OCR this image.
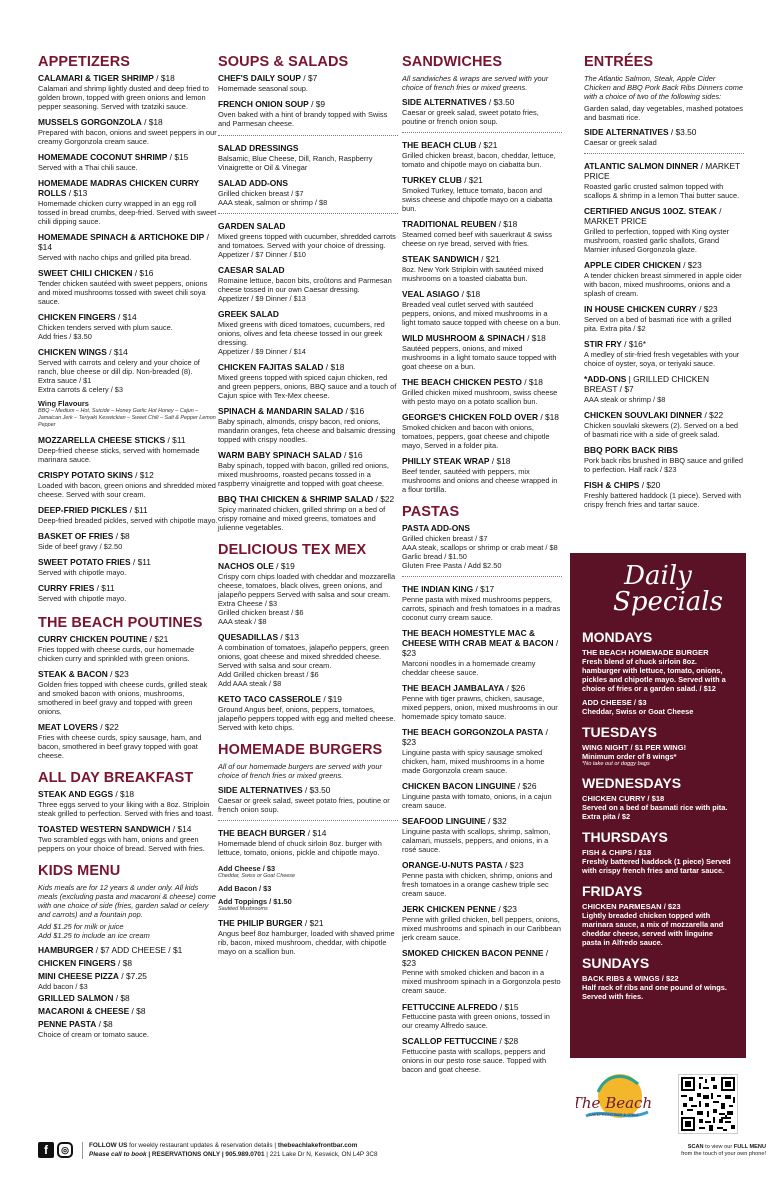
APPETIZERS
CALAMARI & TIGER SHRIMP / $18
Calamari and shrimp lightly dusted and deep fried to golden brown, topped with green onions and lemon pepper seasoning. Served with tzatziki sauce.
MUSSELS GORGONZOLA / $18
Prepared with bacon, onions and sweet peppers in our creamy Gorgonzola cream sauce.
HOMEMADE COCONUT SHRIMP / $15
Served with a Thai chili sauce.
HOMEMADE MADRAS CHICKEN CURRY ROLLS / $13
Homemade chicken curry wrapped in an egg roll tossed in bread crumbs, deep-fried. Served with sweet chili dipping sauce.
HOMEMADE SPINACH & ARTICHOKE DIP / $14
Served with nacho chips and grilled pita bread.
SWEET CHILI CHICKEN / $16
Tender chicken sautéed with sweet peppers, onions and mixed mushrooms tossed with sweet chili soya sauce.
CHICKEN FINGERS / $14
Chicken tenders served with plum sauce.
Add fries / $3.50
CHICKEN WINGS / $14
Served with carrots and celery and your choice of ranch, blue cheese or dill dip. Non-breaded (8).
Extra sauce / $1
Extra carrots & celery / $3
Wing Flavours
BBQ – Medium – Hot, Suicide – Honey Garlic Hot Honey – Cajun – Jamaican Jerk – Teriyaki Keswickian – Sweet Chili – Salt & Pepper Lemon Pepper
MOZZARELLA CHEESE STICKS / $11
Deep-fried cheese sticks, served with homemade marinara sauce.
CRISPY POTATO SKINS / $12
Loaded with bacon, green onions and shredded mixed cheese. Served with sour cream.
DEEP-FRIED PICKLES / $11
Deep-fried breaded pickles, served with chipotle mayo.
BASKET OF FRIES / $8
Side of beef gravy / $2.50
SWEET POTATO FRIES / $11
Served with chipotle mayo.
CURRY FRIES / $11
Served with chipotle mayo.
THE BEACH POUTINES
CURRY CHICKEN POUTINE / $21
Fries topped with cheese curds, our homemade chicken curry and sprinkled with green onions.
STEAK & BACON / $23
Golden fries topped with cheese curds, grilled steak and smoked bacon with onions, mushrooms, smothered in beef gravy and topped with green onions.
MEAT LOVERS / $22
Fries with cheese curds, spicy sausage, ham, and bacon, smothered in beef gravy topped with goat cheese.
ALL DAY BREAKFAST
STEAK AND EGGS / $18
Three eggs served to your liking with a 8oz. Striploin steak grilled to perfection. Served with fries and toast.
TOASTED WESTERN SANDWICH / $14
Two scrambled eggs with ham, onions and green peppers on your choice of bread. Served with fries.
KIDS MENU
Kids meals are for 12 years & under only. All kids meals (excluding pasta and macaroni & cheese) come with one choice of side (fries, garden salad or celery and carrots) and a fountain pop.
Add $1.25 for milk or juice
Add $1.25 to include an ice cream
HAMBURGER / $7 ADD CHEESE / $1
CHICKEN FINGERS / $8
MINI CHEESE PIZZA / $7.25
Add bacon / $3
GRILLED SALMON / $8
MACARONI & CHEESE / $8
PENNE PASTA / $8
Choice of cream or tomato sauce.
SOUPS & SALADS
CHEF'S DAILY SOUP / $7
Homemade seasonal soup.
FRENCH ONION SOUP / $9
Oven baked with a hint of brandy topped with Swiss and Parmesan cheese.
SALAD DRESSINGS
Balsamic, Blue Cheese, Dill, Ranch, Raspberry Vinaigrette or Oil & Vinegar
SALAD ADD-ONS
Grilled chicken breast / $7
AAA steak, salmon or shrimp / $8
GARDEN SALAD
Mixed greens topped with cucumber, shredded carrots and tomatoes. Served with your choice of dressing.
Appetizer / $7 Dinner / $10
CAESAR SALAD
Romaine lettuce, bacon bits, croûtons and Parmesan cheese tossed in our own Caesar dressing.
Appetizer / $9 Dinner / $13
GREEK SALAD
Mixed greens with diced tomatoes, cucumbers, red onions, olives and feta cheese tossed in our greek dressing.
Appetizer / $9 Dinner / $14
CHICKEN FAJITAS SALAD / $18
Mixed greens topped with spiced cajun chicken, red and green peppers, onions, BBQ sauce and a touch of Cajun spice with Tex-Mex cheese.
SPINACH & MANDARIN SALAD / $16
Baby spinach, almonds, crispy bacon, red onions, mandarin oranges, feta cheese and balsamic dressing topped with crispy noodles.
WARM BABY SPINACH SALAD / $16
Baby spinach, topped with bacon, grilled red onions, mixed mushrooms, roasted pecans tossed in a raspberry vinaigrette and topped with goat cheese.
BBQ THAI CHICKEN & SHRIMP SALAD / $22
Spicy marinated chicken, grilled shrimp on a bed of crispy romaine and mixed greens, tomatoes and julienne vegetables.
DELICIOUS TEX MEX
NACHOS OLE / $19
Crispy corn chips loaded with cheddar and mozzarella cheese, tomatoes, black olives, green onions, and jalapeño peppers Served with salsa and sour cream.
Extra Cheese / $3
Grilled chicken breast / $6
AAA steak / $8
QUESADILLAS / $13
A combination of tomatoes, jalapeño peppers, green onions, goat cheese and mixed shredded cheese. Served with salsa and sour cream.
Add Grilled chicken breast / $6
Add AAA steak / $8
KETO TACO CASSEROLE / $19
Ground Angus beef, onions, peppers, tomatoes, jalapeño peppers topped with egg and melted cheese. Served with keto chips.
HOMEMADE BURGERS
All of our homemade burgers are served with your choice of french fries or mixed greens.
SIDE ALTERNATIVES / $3.50
Caesar or greek salad, sweet potato fries, poutine or french onion soup.
THE BEACH BURGER / $14
Homemade blend of chuck sirloin 8oz. burger with lettuce, tomato, onions, pickle and chipotle mayo.
Add Cheese / $3
Cheddar, Swiss or Goat Cheese
Add Bacon / $3
Add Toppings / $1.50
Sautéed Mushrooms
THE PHILIP BURGER / $21
Angus beef 8oz hamburger, loaded with shaved prime rib, bacon, mixed mushroom, cheddar, with chipotle mayo on a scallion bun.
SANDWICHES
All sandwiches & wraps are served with your choice of french fries or mixed greens.
SIDE ALTERNATIVES / $3.50
Caesar or greek salad, sweet potato fries, poutine or french onion soup.
THE BEACH CLUB / $21
Grilled chicken breast, bacon, cheddar, lettuce, tomato and chipotle mayo on ciabatta bun.
TURKEY CLUB / $21
Smoked Turkey, lettuce tomato, bacon and swiss cheese and chipotle mayo on a ciabatta bun.
TRADITIONAL REUBEN / $18
Steamed corned beef with sauerkraut & swiss cheese on rye bread, served with fries.
STEAK SANDWICH / $21
8oz. New York Striploin with sautéed mixed mushrooms on a toasted ciabatta bun.
VEAL ASIAGO / $18
Breaded veal cutlet served with sautéed peppers, onions, and mixed mushrooms in a light tomato sauce topped with cheese on a bun.
WILD MUSHROOM & SPINACH / $18
Sautéed peppers, onions, and mixed mushrooms in a light tomato sauce topped with goat cheese on a bun.
THE BEACH CHICKEN PESTO / $18
Grilled chicken mixed mushroom, swiss cheese with pesto mayo on a potato scallion bun.
GEORGE'S CHICKEN FOLD OVER / $18
Smoked chicken and bacon with onions, tomatoes, peppers, goat cheese and chipotle mayo, Served in a folder pita.
PHILLY STEAK WRAP / $18
Beef tender, sautéed with peppers, mix mushrooms and onions and cheese wrapped in a flour tortilla.
PASTAS
PASTA ADD-ONS
Grilled chicken breast / $7
AAA steak, scallops or shrimp or crab meat / $8
Garlic bread / $1.50
Gluten Free Pasta / Add $2.50
THE INDIAN KING / $17
Penne pasta with mixed mushrooms peppers, carrots, spinach and fresh tomatoes in a madras coconut curry cream sauce.
THE BEACH HOMESTYLE MAC & CHEESE WITH CRAB MEAT & BACON / $23
Marconi noodles in a homemade creamy cheddar cheese sauce.
THE BEACH JAMBALAYA / $26
Penne with tiger prawns, chicken, sausage, mixed peppers, onion, mixed mushrooms in our homemade spicy tomato sauce.
THE BEACH GORGONZOLA PASTA / $23
Linguine pasta with spicy sausage smoked chicken, ham, mixed mushrooms in a home made Gorgonzola cream sauce.
CHICKEN BACON LINGUINE / $26
Linguine pasta with tomato, onions, in a cajun cream sauce.
SEAFOOD LINGUINE / $32
Linguine pasta with scallops, shrimp, salmon, calamari, mussels, peppers, and onions, in a rosé sauce.
ORANGE-U-NUTS PASTA / $23
Penne pasta with chicken, shrimp, onions and fresh tomatoes in a orange cashew triple sec cream sauce.
JERK CHICKEN PENNE / $23
Penne with grilled chicken, bell peppers, onions, mixed mushrooms and spinach in our Caribbean jerk cream sauce.
SMOKED CHICKEN BACON PENNE / $23
Penne with smoked chicken and bacon in a mixed mushroom spinach in a Gorgonzola pesto cream sauce.
FETTUCCINE ALFREDO / $15
Fettuccine pasta with green onions, tossed in our creamy Alfredo sauce.
SCALLOP FETTUCCINE / $28
Fettuccine pasta with scallops, peppers and onions in our pesto rose sauce. Topped with bacon and goat cheese.
ENTRÉES
The Atlantic Salmon, Steak, Apple Cider Chicken and BBQ Pork Back Ribs Dinners come with a choice of two of the following sides:
Garden salad, day vegetables, mashed potatoes and basmati rice.
SIDE ALTERNATIVES / $3.50
Caesar or greek salad
ATLANTIC SALMON DINNER / MARKET PRICE
Roasted garlic crusted salmon topped with scallops & shrimp in a lemon Thai butter sauce.
CERTIFIED ANGUS 10OZ. STEAK / MARKET PRICE
Grilled to perfection, topped with King oyster mushroom, roasted garlic shallots, Grand Marnier infused Gorgonzola glaze.
APPLE CIDER CHICKEN / $23
A tender chicken breast simmered in apple cider with bacon, mixed mushrooms, onions and a splash of cream.
IN HOUSE CHICKEN CURRY / $23
Served on a bed of basmati rice with a grilled pita. Extra pita / $2
STIR FRY / $16*
A medley of stir-fried fresh vegetables with your choice of oyster, soya, or teriyaki sauce.
*ADD-ONS | GRILLED CHICKEN BREAST / $7
AAA steak or shrimp / $8
CHICKEN SOUVLAKI DINNER / $22
Chicken souvlaki skewers (2). Served on a bed of basmati rice with a side of greek salad.
BBQ PORK BACK RIBS
Pork back ribs brushed in BBQ sauce and grilled to perfection. Half rack / $23
FISH & CHIPS / $20
Freshly battered haddock (1 piece). Served with crispy french fries and tartar sauce.
Daily
Specials
MONDAYS
THE BEACH HOMEMADE BURGER
Fresh blend of chuck sirloin 8oz. hamburger with lettuce, tomato, onions, pickles and chipotle mayo. Served with a choice of fries or a garden salad. / $12
ADD CHEESE / $3
Cheddar, Swiss or Goat Cheese
TUESDAYS
WING NIGHT / $1 PER WING!
Minimum order of 8 wings*
*No take out or doggy bags
WEDNESDAYS
CHICKEN CURRY / $18
Served on a bed of basmati rice with pita. Extra pita / $2
THURSDAYS
FISH & CHIPS / $18
Freshly battered haddock (1 piece) Served with crispy french fries and tartar sauce.
FRIDAYS
CHICKEN PARMESAN / $23
Lightly breaded chicken topped with marinara sauce, a mix of mozzarella and cheddar cheese, served with linguine pasta in Alfredo sauce.
SUNDAYS
BACK RIBS & WINGS / $22
Half rack of ribs and one pound of wings. Served with fries.
The Beach
LAKEFRONT BAR & GRILL
SCAN to view our FULL MENU
from the touch of your own phone!
f	◎	FOLLOW US for weekly restaurant updates & reservation details | thebeachlakefrontbar.com
Please call to book | RESERVATIONS ONLY | 905.989.0701 | 221 Lake Dr N, Keswick, ON L4P 3C8
